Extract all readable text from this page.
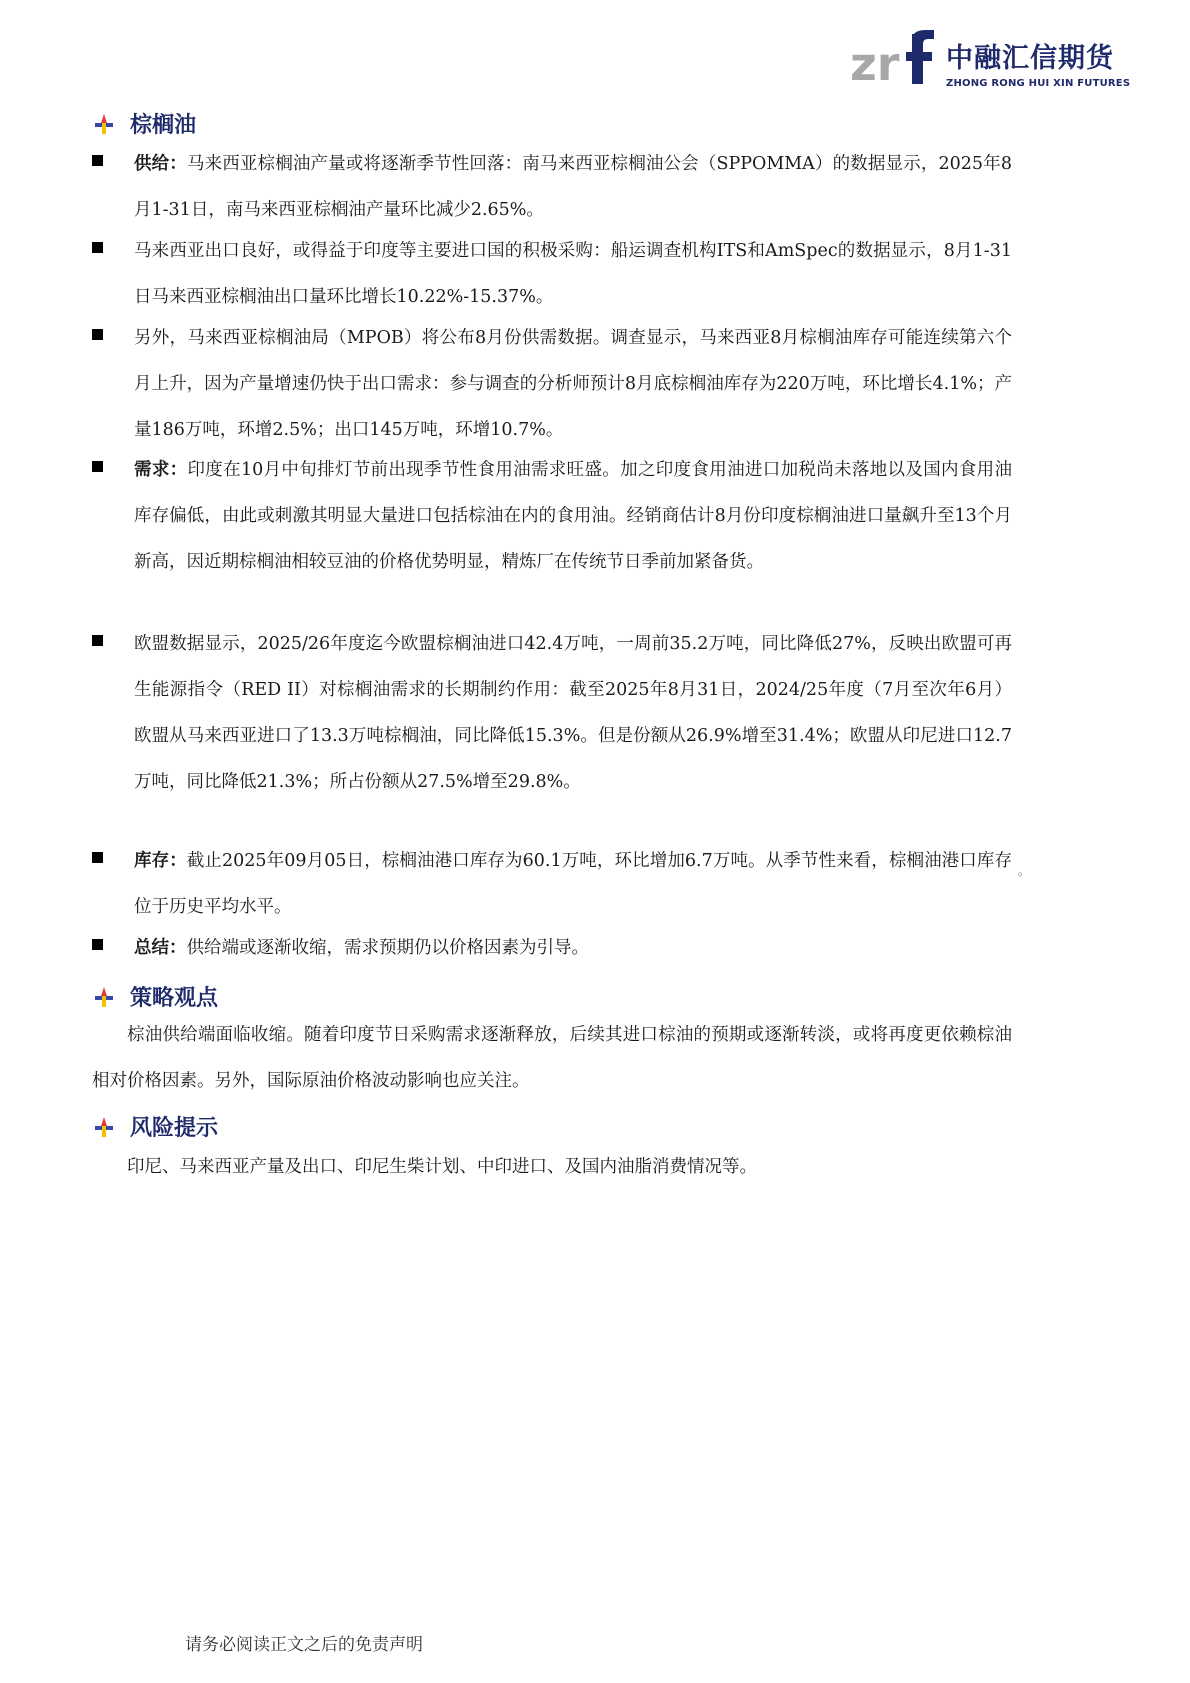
zr 中融汇信期货
ZHONG RONG HUI XIN FUTURES
棕榈油
供给：马来西亚棕榈油产量或将逐渐季节性回落：南马来西亚棕榈油公会（SPPOMMA）的数据显示，2025年8月1-31日，南马来西亚棕榈油产量环比减少2.65%。
马来西亚出口良好，或得益于印度等主要进口国的积极采购：船运调查机构ITS和AmSpec的数据显示，8月1-31日马来西亚棕榈油出口量环比增长10.22%-15.37%。
另外，马来西亚棕榈油局（MPOB）将公布8月份供需数据。调查显示，马来西亚8月棕榈油库存可能连续第六个月上升，因为产量增速仍快于出口需求：参与调查的分析师预计8月底棕榈油库存为220万吨，环比增长4.1%；产量186万吨，环增2.5%；出口145万吨，环增10.7%。
需求：印度在10月中旬排灯节前出现季节性食用油需求旺盛。加之印度食用油进口加税尚未落地以及国内食用油库存偏低，由此或刺激其明显大量进口包括棕油在内的食用油。经销商估计8月份印度棕榈油进口量飙升至13个月新高，因近期棕榈油相较豆油的价格优势明显，精炼厂在传统节日季前加紧备货。
欧盟数据显示，2025/26年度迄今欧盟棕榈油进口42.4万吨，一周前35.2万吨，同比降低27%，反映出欧盟可再生能源指令（RED II）对棕榈油需求的长期制约作用：截至2025年8月31日，2024/25年度（7月至次年6月）欧盟从马来西亚进口了13.3万吨棕榈油，同比降低15.3%。但是份额从26.9%增至31.4%；欧盟从印尼进口12.7万吨，同比降低21.3%；所占份额从27.5%增至29.8%。
。
库存：截止2025年09月05日，棕榈油港口库存为60.1万吨，环比增加6.7万吨。从季节性来看，棕榈油港口库存位于历史平均水平。
总结：供给端或逐渐收缩，需求预期仍以价格因素为引导。
策略观点
棕油供给端面临收缩。随着印度节日采购需求逐渐释放，后续其进口棕油的预期或逐渐转淡，或将再度更依赖棕油相对价格因素。另外，国际原油价格波动影响也应关注。
风险提示
印尼、马来西亚产量及出口、印尼生柴计划、中印进口、及国内油脂消费情况等。
请务必阅读正文之后的免责声明
